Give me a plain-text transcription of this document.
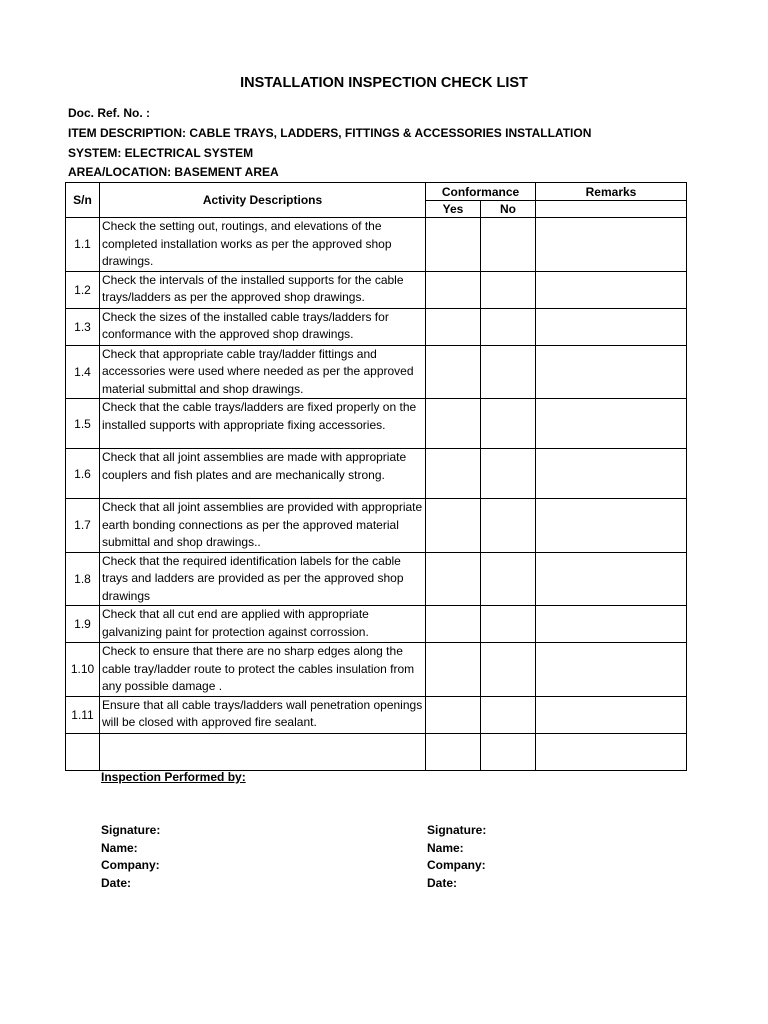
INSTALLATION INSPECTION CHECK LIST
Doc. Ref. No. :
ITEM DESCRIPTION: CABLE TRAYS, LADDERS, FITTINGS & ACCESSORIES INSTALLATION
SYSTEM: ELECTRICAL SYSTEM
AREA/LOCATION: BASEMENT AREA
S/n	Activity Descriptions	Conformance		Remarks
		Yes	No	
1.1	Check the setting out, routings, and elevations of the completed installation works as per the approved shop drawings.			
1.2	Check the intervals of the installed supports for the cable trays/ladders as per the approved shop drawings.			
1.3	Check the sizes of the installed cable trays/ladders for conformance with the approved shop drawings.			
1.4	Check that appropriate cable tray/ladder fittings and accessories were used where needed as per the approved material submittal and shop drawings.			
1.5	Check that the cable trays/ladders are fixed properly on the installed supports with appropriate fixing accessories.			
1.6	Check that all joint assemblies are made with appropriate couplers and fish plates and are mechanically strong.			
1.7	Check that all joint assemblies are provided with appropriate earth bonding connections as per the approved material submittal and shop drawings..			
1.8	Check that the required identification labels for the cable trays and ladders are provided as per the approved shop drawings			
1.9	Check that all cut end are applied with appropriate galvanizing paint for protection against corrossion.			
1.10	Check to ensure that there are no sharp edges along the cable tray/ladder route to protect the cables insulation from any possible damage .			
1.11	Ensure that all cable trays/ladders wall penetration openings will be closed with approved fire sealant.			

Inspection Performed by:
Signature:
Name:
Company:
Date:
Signature:
Name:
Company:
Date:
